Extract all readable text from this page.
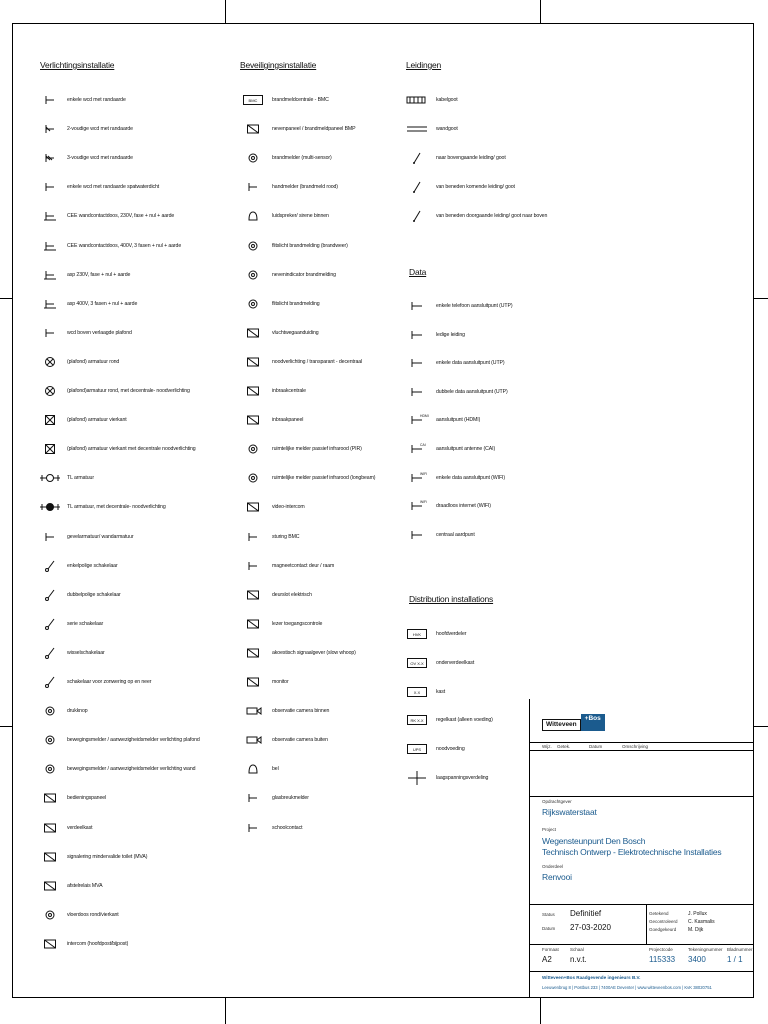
Verlichtingsinstallatie
enkele wcd met randaarde
2-voudige wcd met randaarde
3-voudige wcd met randaarde
enkele wcd met randaarde spatwaterdicht
CEE wandcontactdoos, 230V, fase + nul + aarde
CEE wandcontactdoos, 400V, 3 fasen + nul + aarde
asp 230V, fase + nul + aarde
asp 400V, 3 fasen + nul + aarde
wcd boven verlaagde plafond
(plafond) armatuur rond
(plafond)armatuur rond, met decentrale- noodverlichting
(plafond) armatuur vierkant
(plafond) armatuur vierkant met decentrale noodverlichting
TL armatuur
TL armatuur, met decentrale- noodverlichting
gevelarmatuur/ wandarmatuur
enkelpolige schakelaar
dubbelpolige schakelaar
serie schakelaar
wisselschakelaar
schakelaar voor zonwering op en neer
drukknop
bewegingsmelder / aanwezigheidsmelder verlichting plafond
bewegingsmelder / aanwezigheidsmelder verlichting wand
bedieningspaneel
verdeelkast
signalering mindervalide toilet (MVA)
afstelrelais MVA
vloerdoos rond/vierkant
intercom (hoofdpost/bijpost)
Beveiligingsinstallatie
BMC	brandmeldcentrale - BMC
nevenpaneel / brandmeldpaneel BMP
brandmelder (multi-sensor)
handmelder (brandmeld rood)
luidspreker/ sirene binnen
flitslicht brandmelding (brandweer)
nevenindicator brandmelding
flitslicht brandmelding
vluchtwegaanduiding
noodverlichting / transparant - decentraal
inbraakcentrale
inbraakpaneel
ruimtelijke melder passief infrarood (PIR)
ruimtelijke melder passief infrarood (longbeam)
video-intercom
sturing BMC
magneetcontact deur / raam
deurslot elektrisch
lezer toegangscontrole
akoestisch signaalgever (slow whoop)
monitor
observatie camera binnen
observatie camera buiten
bel
glasbreukmelder
schoolcontact
Leidingen
kabelgoot
wandgoot
naar bovengaande leiding/ goot
van beneden komende leiding/ goot
van beneden doorgaande leiding/ goot naar boven
Data
enkele telefoon aansluitpunt (UTP)
ledige leiding
enkele data aansluitpunt (UTP)
dubbele data aansluitpunt (UTP)
HDMI
aansluitpunt (HDMI)
CAI
aansluitpunt antenne (CAI)
WIFI
enkele data aansluitpunt (WIFI)
WiFi
draadloos internet (WIFI)
centraal aardpunt
Distribution installations
HVK	hoofdverdeler
OV X.X onderverdeelkast
X.X	kast
RK X.X regelkast (alleen voeding)
UPS	noodvoeding
laagspanningsverdeling
Witteveen
+Bos
Wijz. Getek.	Datum	Omschrijving
Opdrachtgever
Rijkswaterstaat
Project
Wegensteunpunt Den Bosch
Technisch Ontwerp - Elektrotechnische Installaties
Onderdeel
Renvooi
Status Definitief
Datum 27-03-2020
Getekend
Gecontroleerd
Goedgekeurd
J. Pollux
C. Kasmalis
M. Dijk
Formaat
A2
Schaal
n.v.t.
Projectcode
115333
Tekeningnummer
3400
Bladnummer
1 / 1
Witteveen+Bos Raadgevende ingenieurs B.V.
Leeuwenbrug 8 | Postbus 233 | 7400AE Deventer | www.witteveenbos.com | KvK 38020751
